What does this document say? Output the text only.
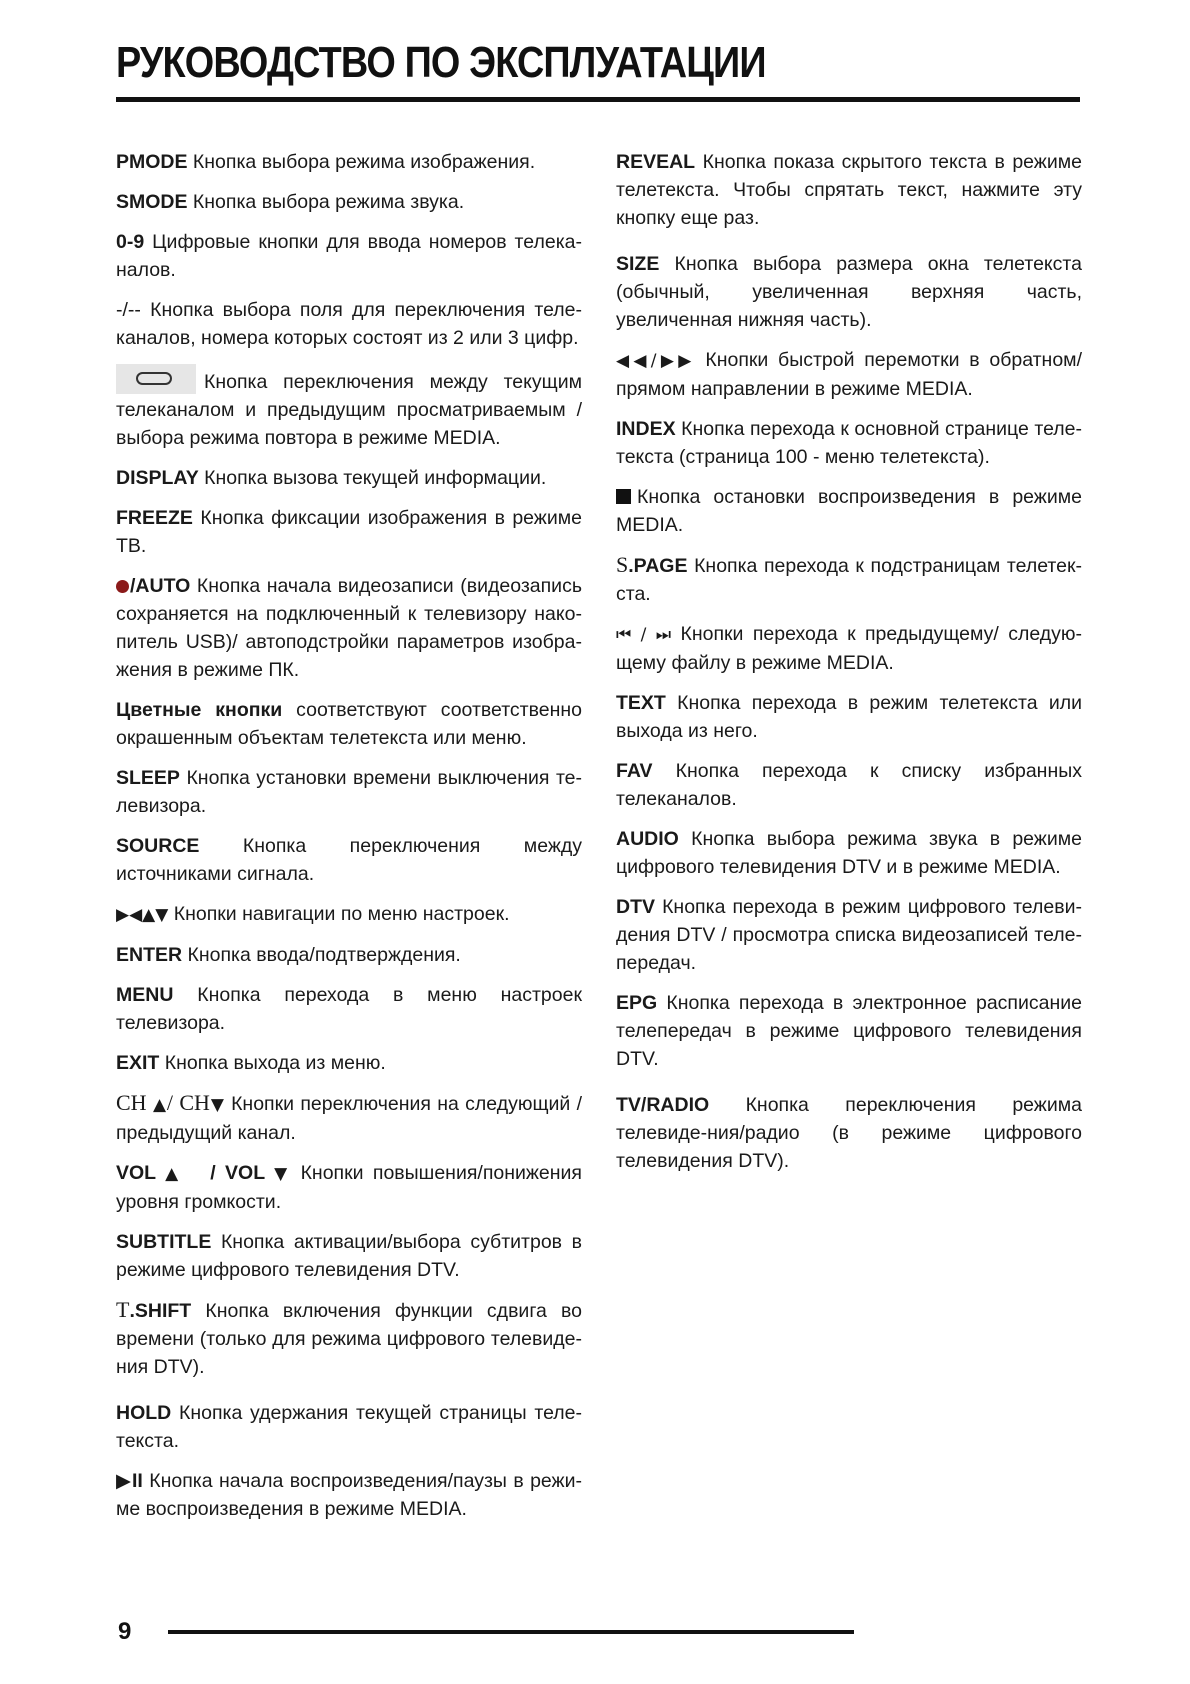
РУКОВОДСТВО ПО ЭКСПЛУАТАЦИИ

PMODE Кнопка выбора режима изображения.

SMODE Кнопка выбора режима звука.

0-9 Цифровые кнопки для ввода номеров телеканалов.

-/-- Кнопка выбора поля для переключения телеканалов, номера которых состоят из 2 или 3 цифр.

Кнопка переключения между текущим телеканалом и предыдущим просматриваемым / выбора режима повтора в режиме MEDIA.

DISPLAY Кнопка вызова текущей информации.

FREEZE Кнопка фиксации изображения в режиме ТВ.

/AUTO Кнопка начала видеозаписи (видеозапись сохраняется на подключенный к телевизору накопитель USB)/ автоподстройки параметров изображения в режиме ПК.

Цветные кнопки соответствуют соответственно окрашенным объектам телетекста или меню.

SLEEP Кнопка установки времени выключения телевизора.

SOURCE Кнопка переключения между источниками сигнала.

▶◀▲▼ Кнопки навигации по меню настроек.

ENTER Кнопка ввода/подтверждения.

MENU Кнопка перехода в меню настроек телевизора.

EXIT Кнопка выхода из меню.

CH ▲/ CH▼ Кнопки переключения на следующий /предыдущий канал.

VOL ▲   / VOL ▼ Кнопки повышения/понижения уровня громкости.

SUBTITLE Кнопка активации/выбора субтитров в режиме цифрового телевидения DTV.

T.SHIFT Кнопка включения функции сдвига во времени (только для режима цифрового телевидения DTV).

HOLD Кнопка удержания текущей страницы телетекста.

▶II Кнопка начала воспроизведения/паузы в режиме воспроизведения в режиме MEDIA.

REVEAL Кнопка показа скрытого текста в режиме телетекста. Чтобы спрятать текст, нажмите эту кнопку еще раз.

SIZE Кнопка выбора размера окна телетекста (обычный, увеличенная верхняя часть, увеличенная нижняя часть).

◀◀/▶▶ Кнопки быстрой перемотки в обратном/ прямом направлении в режиме MEDIA.

INDEX Кнопка перехода к основной странице телетекста (страница 100 - меню телетекста).

Кнопка остановки воспроизведения в режиме MEDIA.

S.PAGE Кнопка перехода к подстраницам телетекста.

⏮ / ⏭ Кнопки перехода к предыдущему/ следую-щему файлу в режиме MEDIA.

TEXT Кнопка перехода в режим телетекста или выхода из него.

FAV Кнопка перехода к списку избранных телеканалов.

AUDIO Кнопка выбора режима звука в режиме цифрового телевидения DTV и в режиме MEDIA.

DTV Кнопка перехода в режим цифрового телевидения DTV / просмотра списка видеозаписей телепередач.

EPG Кнопка перехода в электронное расписание телепередач в режиме цифрового телевидения DTV.

TV/RADIO Кнопка переключения режима телевиде-ния/радио (в режиме цифрового телевидения DTV).

9
